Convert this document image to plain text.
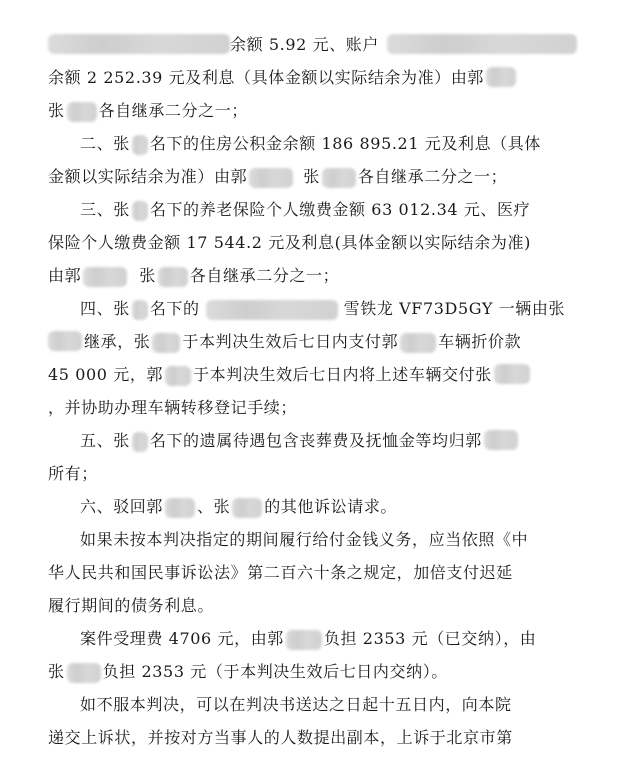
余额 5.92 元、账户
余额 2 252.39 元及利息（具体金额以实际结余为准）由郭
张 各自继承二分之一；
二、张 名下的住房公积金余额 186 895.21 元及利息（具体
金额以实际结余为准）由郭	张 各自继承二分之一；
三、张 名下的养老保险个人缴费金额 63 012.34 元、医疗
保险个人缴费金额 17 544.2 元及利息(具体金额以实际结余为准)
由郭	张 各自继承二分之一；
四、张 名下的	雪铁龙 VF73D5GY 一辆由张
继承，张 于本判决生效后七日内支付郭	车辆折价款
45 000 元，郭 于本判决生效后七日内将上述车辆交付张
，并协助办理车辆转移登记手续；
五、张 名下的遗属待遇包含丧葬费及抚恤金等均归郭
所有；
六、驳回郭 、张 的其他诉讼请求。
如果未按本判决指定的期间履行给付金钱义务，应当依照《中
华人民共和国民事诉讼法》第二百六十条之规定，加倍支付迟延
履行期间的债务利息。
案件受理费 4706 元，由郭	负担 2353 元（已交纳），由
张 负担 2353 元（于本判决生效后七日内交纳）。
如不服本判决，可以在判决书送达之日起十五日内，向本院
递交上诉状，并按对方当事人的人数提出副本，上诉于北京市第
